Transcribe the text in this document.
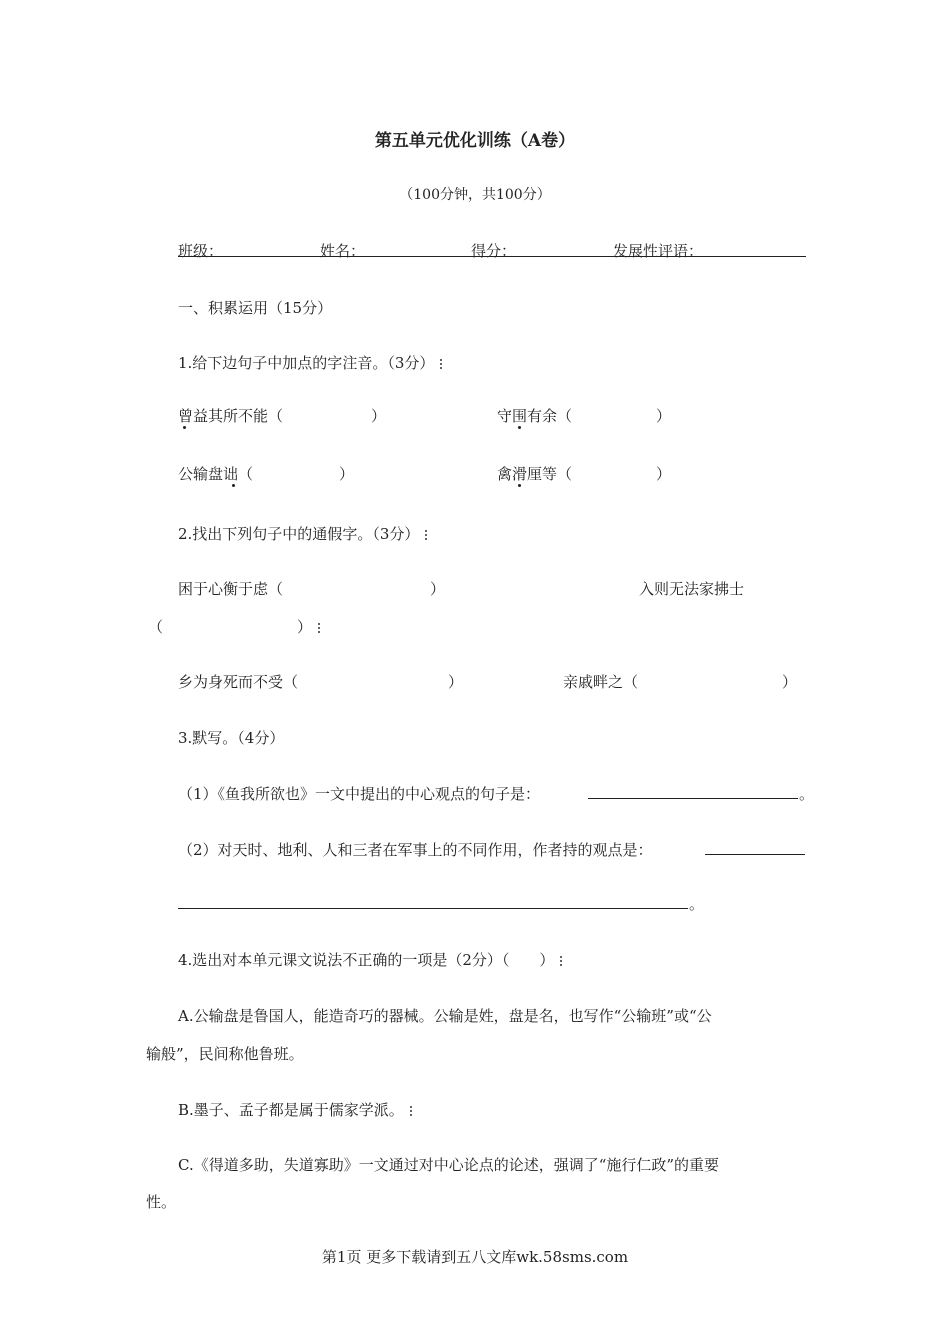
第五单元优化训练（A卷）
（100分钟，共100分）
班级：	姓名：	得分：	发展性评语：
一、积累运用（15分）
1.给下边句子中加点的字注音。（3分）
曾益其所不能（	）	守围有余（	）
公输盘诎（	）	禽滑厘等（	）
2.找出下列句子中的通假字。（3分）
困于心衡于虑（	）	入则无法家拂士
（	）
乡为身死而不受（	）	亲戚畔之（	）
3.默写。（4分）
（1）《鱼我所欲也》一文中提出的中心观点的句子是：	。
（2）对天时、地利、人和三者在军事上的不同作用，作者持的观点是：
。
4.选出对本单元课文说法不正确的一项是（2分）（　　）
A.公输盘是鲁国人，能造奇巧的器械。公输是姓，盘是名，也写作“公输班”或“公
输般”，民间称他鲁班。
B.墨子、孟子都是属于儒家学派。
C.《得道多助，失道寡助》一文通过对中心论点的论述，强调了“施行仁政”的重要
性。
第1页 更多下载请到五八文库wk.58sms.com
